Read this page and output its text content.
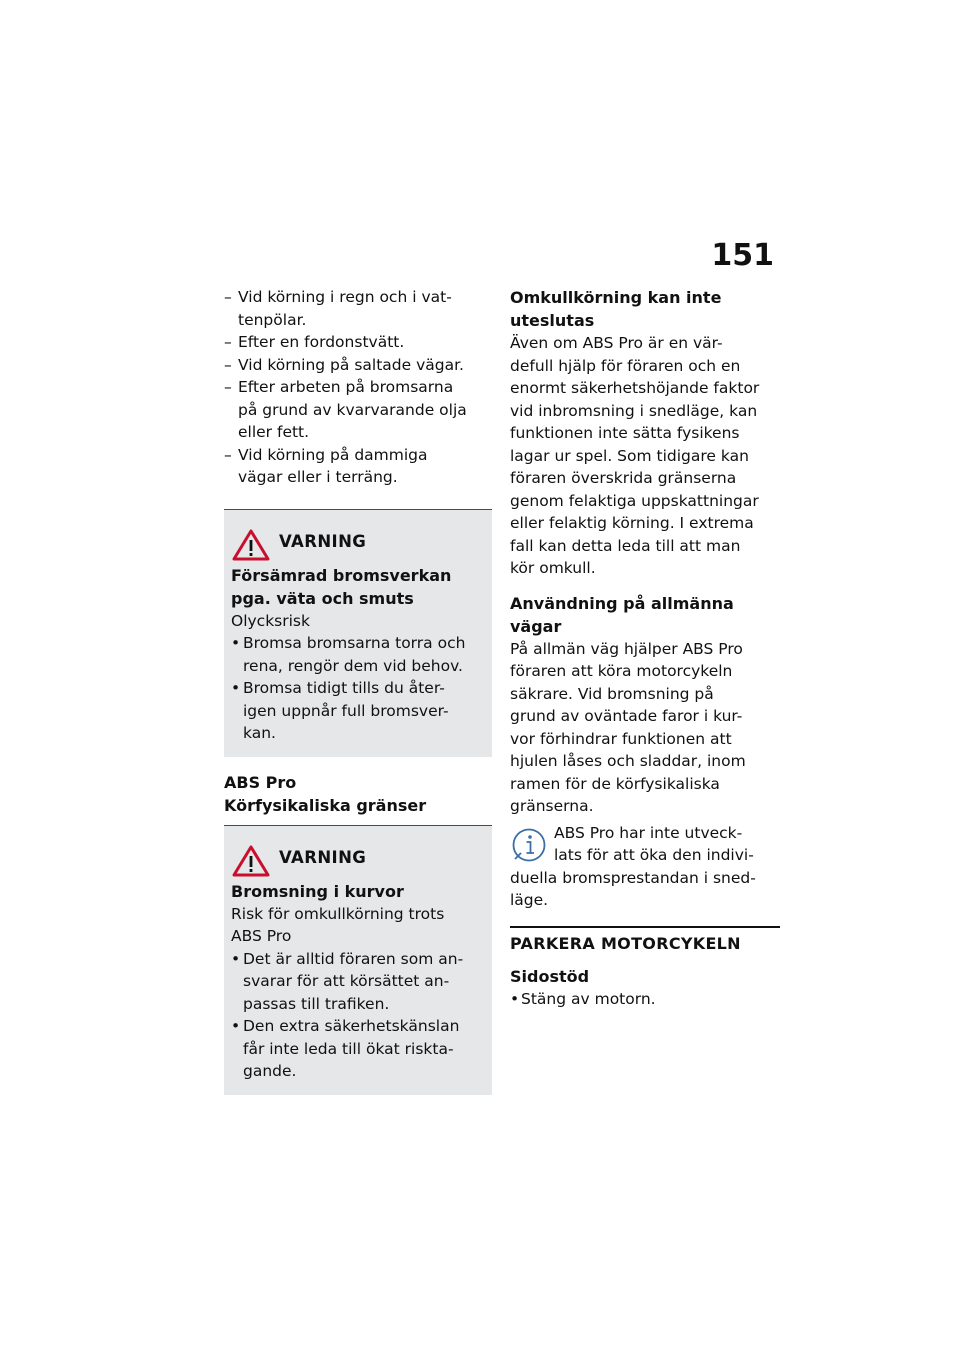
151
– Vid körning i regn och i vat-
tenpölar.
– Efter en fordonstvätt.
– Vid körning på saltade vägar.
– Efter arbeten på bromsarna
på grund av kvarvarande olja
eller fett.
– Vid körning på dammiga
vägar eller i terräng.
VARNING
Försämrad bromsverkan
pga. väta och smuts
Olycksrisk
• Bromsa bromsarna torra och
rena, rengör dem vid behov.
• Bromsa tidigt tills du åter-
igen uppnår full bromsver-
kan.
ABS Pro
Körfysikaliska gränser
VARNING
Bromsning i kurvor
Risk för omkullkörning trots
ABS Pro
• Det är alltid föraren som an-
svarar för att körsättet an-
passas till trafiken.
• Den extra säkerhetskänslan
får inte leda till ökat riskta-
gande.
Omkullkörning kan inte
uteslutas
Även om ABS Pro är en vär-
defull hjälp för föraren och en
enormt säkerhetshöjande faktor
vid inbromsning i snedläge, kan
funktionen inte sätta fysikens
lagar ur spel. Som tidigare kan
föraren överskrida gränserna
genom felaktiga uppskattningar
eller felaktig körning. I extrema
fall kan detta leda till att man
kör omkull.
Användning på allmänna
vägar
På allmän väg hjälper ABS Pro
föraren att köra motorcykeln
säkrare. Vid bromsning på
grund av oväntade faror i kur-
vor förhindrar funktionen att
hjulen låses och sladdar, inom
ramen för de körfysikaliska
gränserna.
ABS Pro har inte utveck-
lats för att öka den indivi-
duella bromsprestandan i sned-
läge.
PARKERA MOTORCYKELN
Sidostöd
• Stäng av motorn.
